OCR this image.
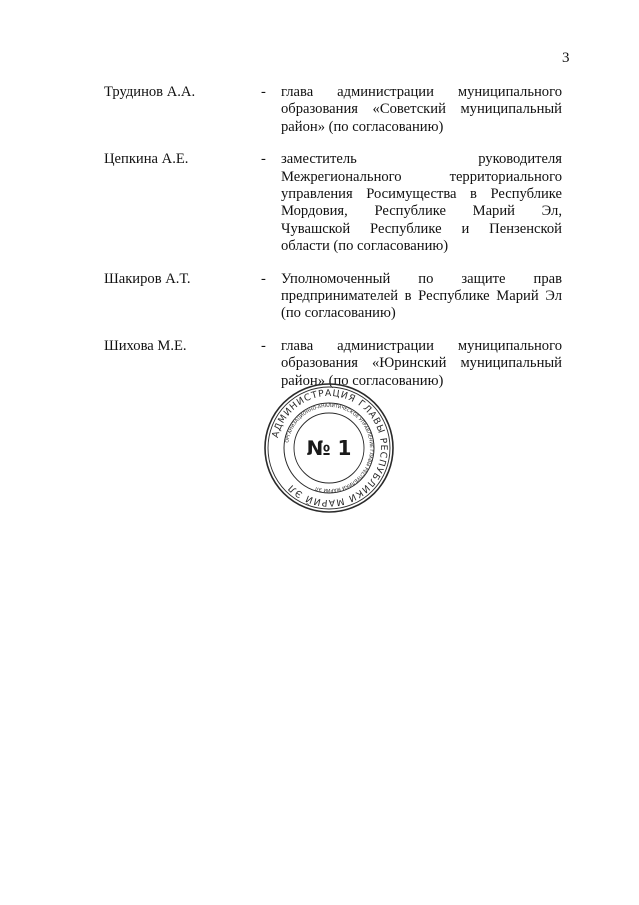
3
Трудинов А.А.	-	глава администрации муниципального образования «Советский муниципальный район» (по согласованию)
Цепкина А.Е.	-	заместитель руководителя Межрегионального территориального управления Росимущества в Республике Мордовия, Республике Марий Эл, Чувашской Республике и Пензенской области (по согласованию)
Шакиров А.Т.	-	Уполномоченный по защите прав предпринимателей в Республике Марий Эл (по согласованию)
Шихова М.Е.	-	глава администрации муниципального образования «Юринский муниципальный район» (по согласованию)
АДМИНИСТРАЦИЯ ГЛАВЫ РЕСПУБЛИКИ МАРИЙ ЭЛ
ОРГАНИЗАЦИОННО-АНАЛИТИЧЕСКОЕ УПРАВЛЕНИЕ ГЛАВЫ РЕСПУБЛИКИ МАРИЙ ЭЛ
№ 1
